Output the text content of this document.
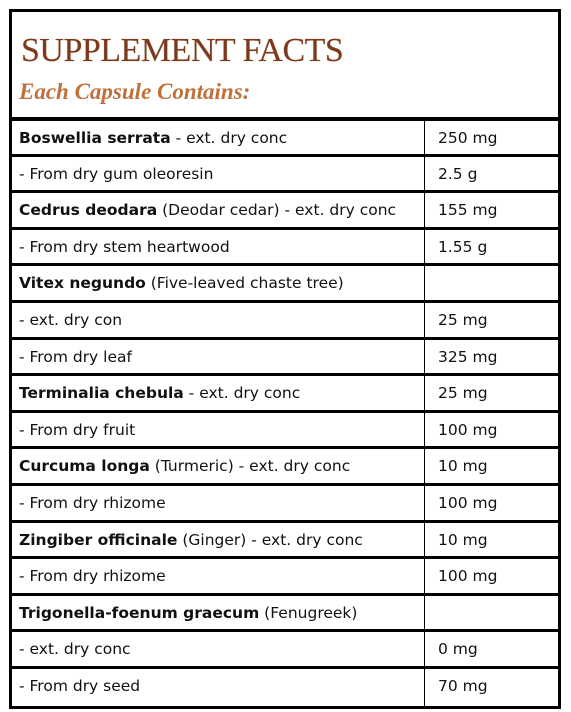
SUPPLEMENT FACTS
Each Capsule Contains:
Boswellia serrata - ext. dry conc	250 mg
- From dry gum oleoresin	2.5 g
Cedrus deodara (Deodar cedar) - ext. dry conc	155 mg
- From dry stem heartwood	1.55 g
Vitex negundo (Five-leaved chaste tree)
- ext. dry con	25 mg
- From dry leaf	325 mg
Terminalia chebula - ext. dry conc	25 mg
- From dry fruit	100 mg
Curcuma longa (Turmeric) - ext. dry conc	10 mg
- From dry rhizome	100 mg
Zingiber officinale (Ginger) - ext. dry conc	10 mg
- From dry rhizome	100 mg
Trigonella-foenum graecum (Fenugreek)
- ext. dry conc	0 mg
- From dry seed	70 mg
